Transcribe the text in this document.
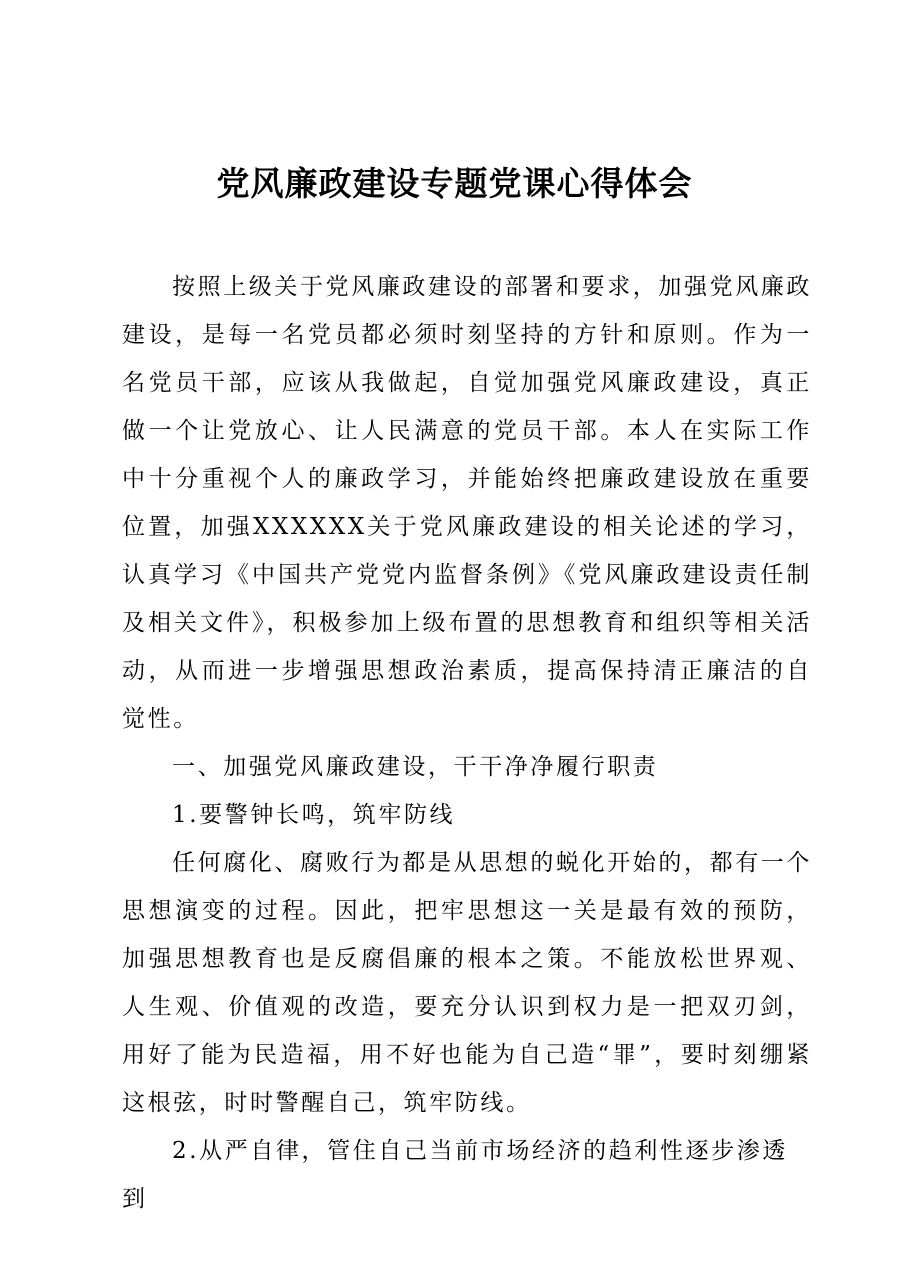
党风廉政建设专题党课心得体会

按照上级关于党风廉政建设的部署和要求，加强党风廉政建设，是每一名党员都必须时刻坚持的方针和原则。作为一名党员干部，应该从我做起，自觉加强党风廉政建设，真正做一个让党放心、让人民满意的党员干部。本人在实际工作中十分重视个人的廉政学习，并能始终把廉政建设放在重要位置，加强XXXXXX关于党风廉政建设的相关论述的学习，认真学习《中国共产党党内监督条例》《党风廉政建设责任制及相关文件》，积极参加上级布置的思想教育和组织等相关活动，从而进一步增强思想政治素质，提高保持清正廉洁的自觉性。

一、加强党风廉政建设，干干净净履行职责

1.要警钟长鸣，筑牢防线

任何腐化、腐败行为都是从思想的蜕化开始的，都有一个思想演变的过程。因此，把牢思想这一关是最有效的预防，加强思想教育也是反腐倡廉的根本之策。不能放松世界观、人生观、价值观的改造，要充分认识到权力是一把双刃剑，用好了能为民造福，用不好也能为自己造“罪”，要时刻绷紧这根弦，时时警醒自己，筑牢防线。

2.从严自律，管住自己当前市场经济的趋利性逐步渗透到
